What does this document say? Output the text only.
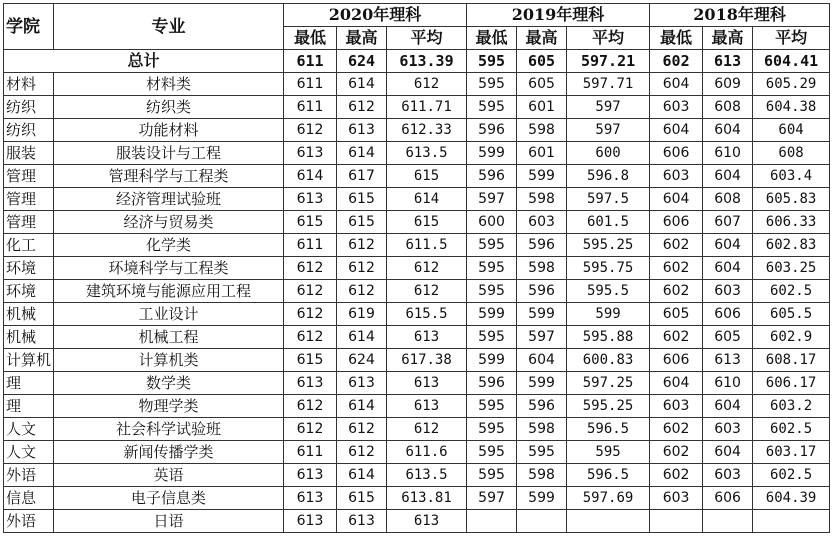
学院	专业	2020年理科			2019年理科			2018年理科		
		最低	最高	平均	最低	最高	平均	最低	最高	平均
总计		611	624	613.39	595	605	597.21	602	613	604.41
材料	材料类	611	614	612	595	605	597.71	604	609	605.29
纺织	纺织类	611	612	611.71	595	601	597	603	608	604.38
纺织	功能材料	612	613	612.33	596	598	597	604	604	604
服装	服装设计与工程	613	614	613.5	599	601	600	606	610	608
管理	管理科学与工程类	614	617	615	596	599	596.8	603	604	603.4
管理	经济管理试验班	613	615	614	597	598	597.5	604	608	605.83
管理	经济与贸易类	615	615	615	600	603	601.5	606	607	606.33
化工	化学类	611	612	611.5	595	596	595.25	602	604	602.83
环境	环境科学与工程类	612	612	612	595	598	595.75	602	604	603.25
环境	建筑环境与能源应用工程	612	612	612	595	596	595.5	602	603	602.5
机械	工业设计	612	619	615.5	599	599	599	605	606	605.5
机械	机械工程	612	614	613	595	597	595.88	602	605	602.9
计算机	计算机类	615	624	617.38	599	604	600.83	606	613	608.17
理	数学类	613	613	613	596	599	597.25	604	610	606.17
理	物理学类	612	614	613	595	596	595.25	603	604	603.2
人文	社会科学试验班	612	612	612	595	598	596.5	602	603	602.5
人文	新闻传播学类	611	612	611.6	595	595	595	602	604	603.17
外语	英语	613	614	613.5	595	598	596.5	602	603	602.5
信息	电子信息类	613	615	613.81	597	599	597.69	603	606	604.39
外语	日语	613	613	613						
